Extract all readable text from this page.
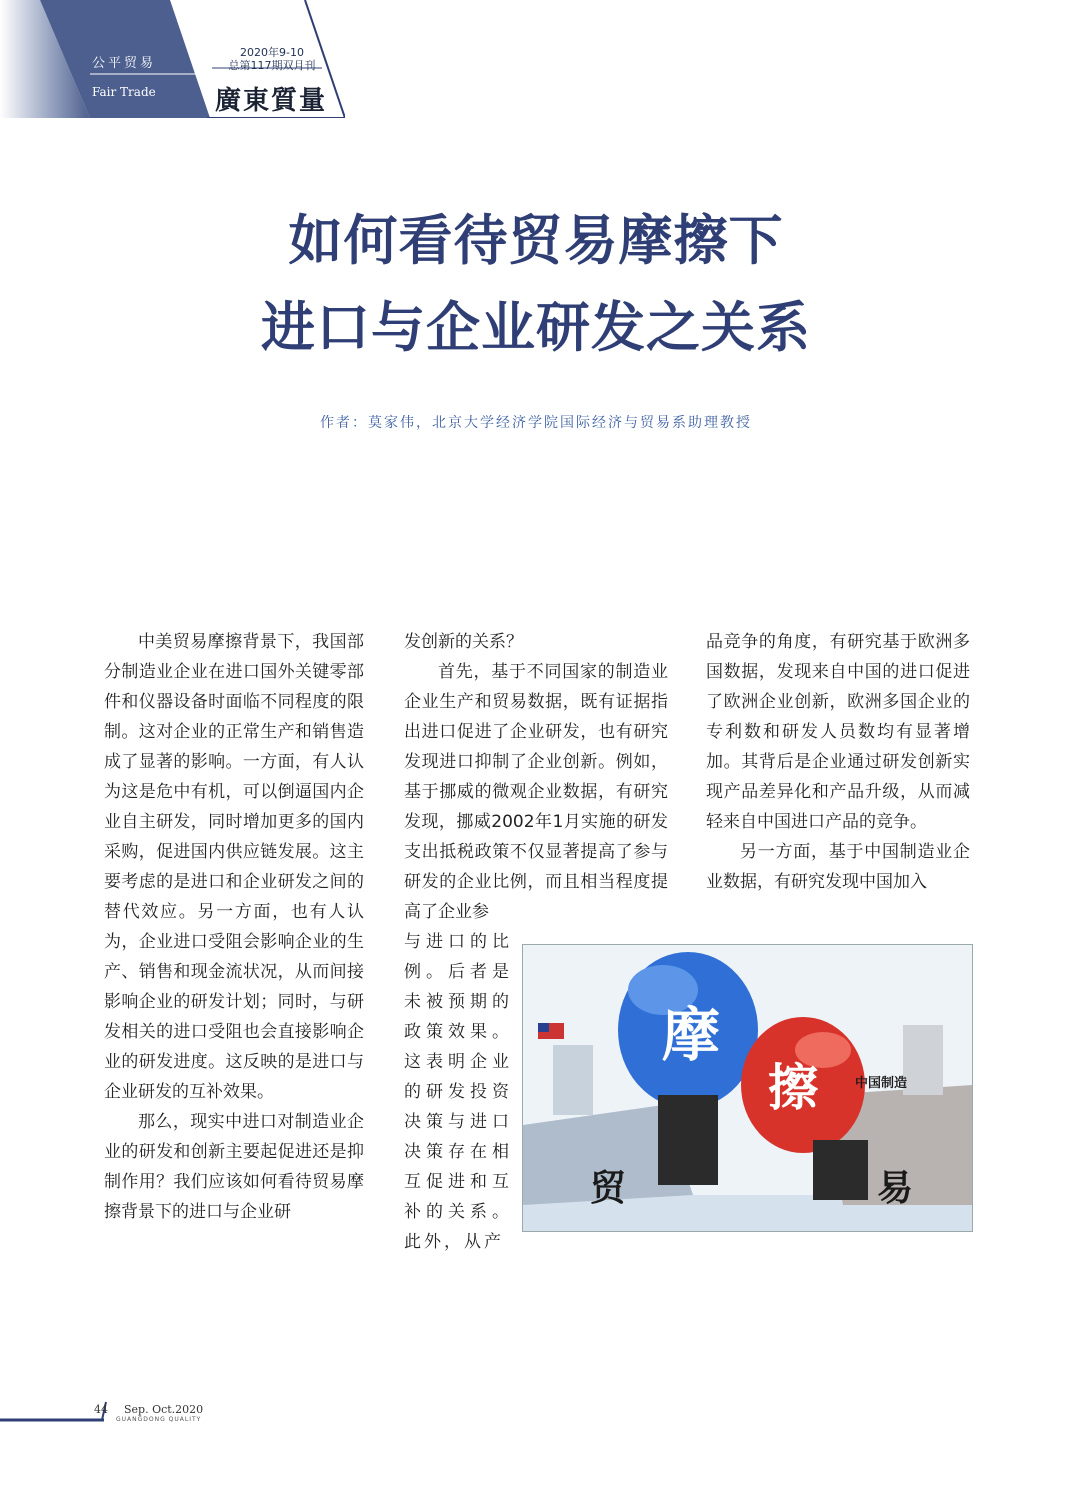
公平贸易
Fair Trade
2020年9-10
总第117期双月刊
廣東質量
如何看待贸易摩擦下
进口与企业研发之关系
作者：莫家伟，北京大学经济学院国际经济与贸易系助理教授

中美贸易摩擦背景下，我国部分制造业企业在进口国外关键零部件和仪器设备时面临不同程度的限制。这对企业的正常生产和销售造成了显著的影响。一方面，有人认为这是危中有机，可以倒逼国内企业自主研发，同时增加更多的国内采购，促进国内供应链发展。这主要考虑的是进口和企业研发之间的替代效应。另一方面，也有人认为，企业进口受阻会影响企业的生产、销售和现金流状况，从而间接影响企业的研发计划；同时，与研发相关的进口受阻也会直接影响企业的研发进度。这反映的是进口与企业研发的互补效果。

那么，现实中进口对制造业企业的研发和创新主要起促进还是抑制作用？我们应该如何看待贸易摩擦背景下的进口与企业研

发创新的关系？

首先，基于不同国家的制造业企业生产和贸易数据，既有证据指出进口促进了企业研发，也有研究发现进口抑制了企业创新。例如，基于挪威的微观企业数据，有研究发现，挪威2002年1月实施的研发支出抵税政策不仅显著提高了参与研发的企业比例，而且相当程度提高了企业参

与进口的比例。后者是未被预期的政策效果。这表明企业的研发投资决策与进口决策存在相互促进和互补的关系。此外，从产

品竞争的角度，有研究基于欧洲多国数据，发现来自中国的进口促进了欧洲企业创新，欧洲多国企业的专利数和研发人员数均有显著增加。其背后是企业通过研发创新实现产品差异化和产品升级，从而减轻来自中国进口产品的竞争。

另一方面，基于中国制造业企业数据，有研究发现中国加入

摩
擦
贸	易
中国制造
44 Sep. Oct.2020
GUANGDONG QUALITY
